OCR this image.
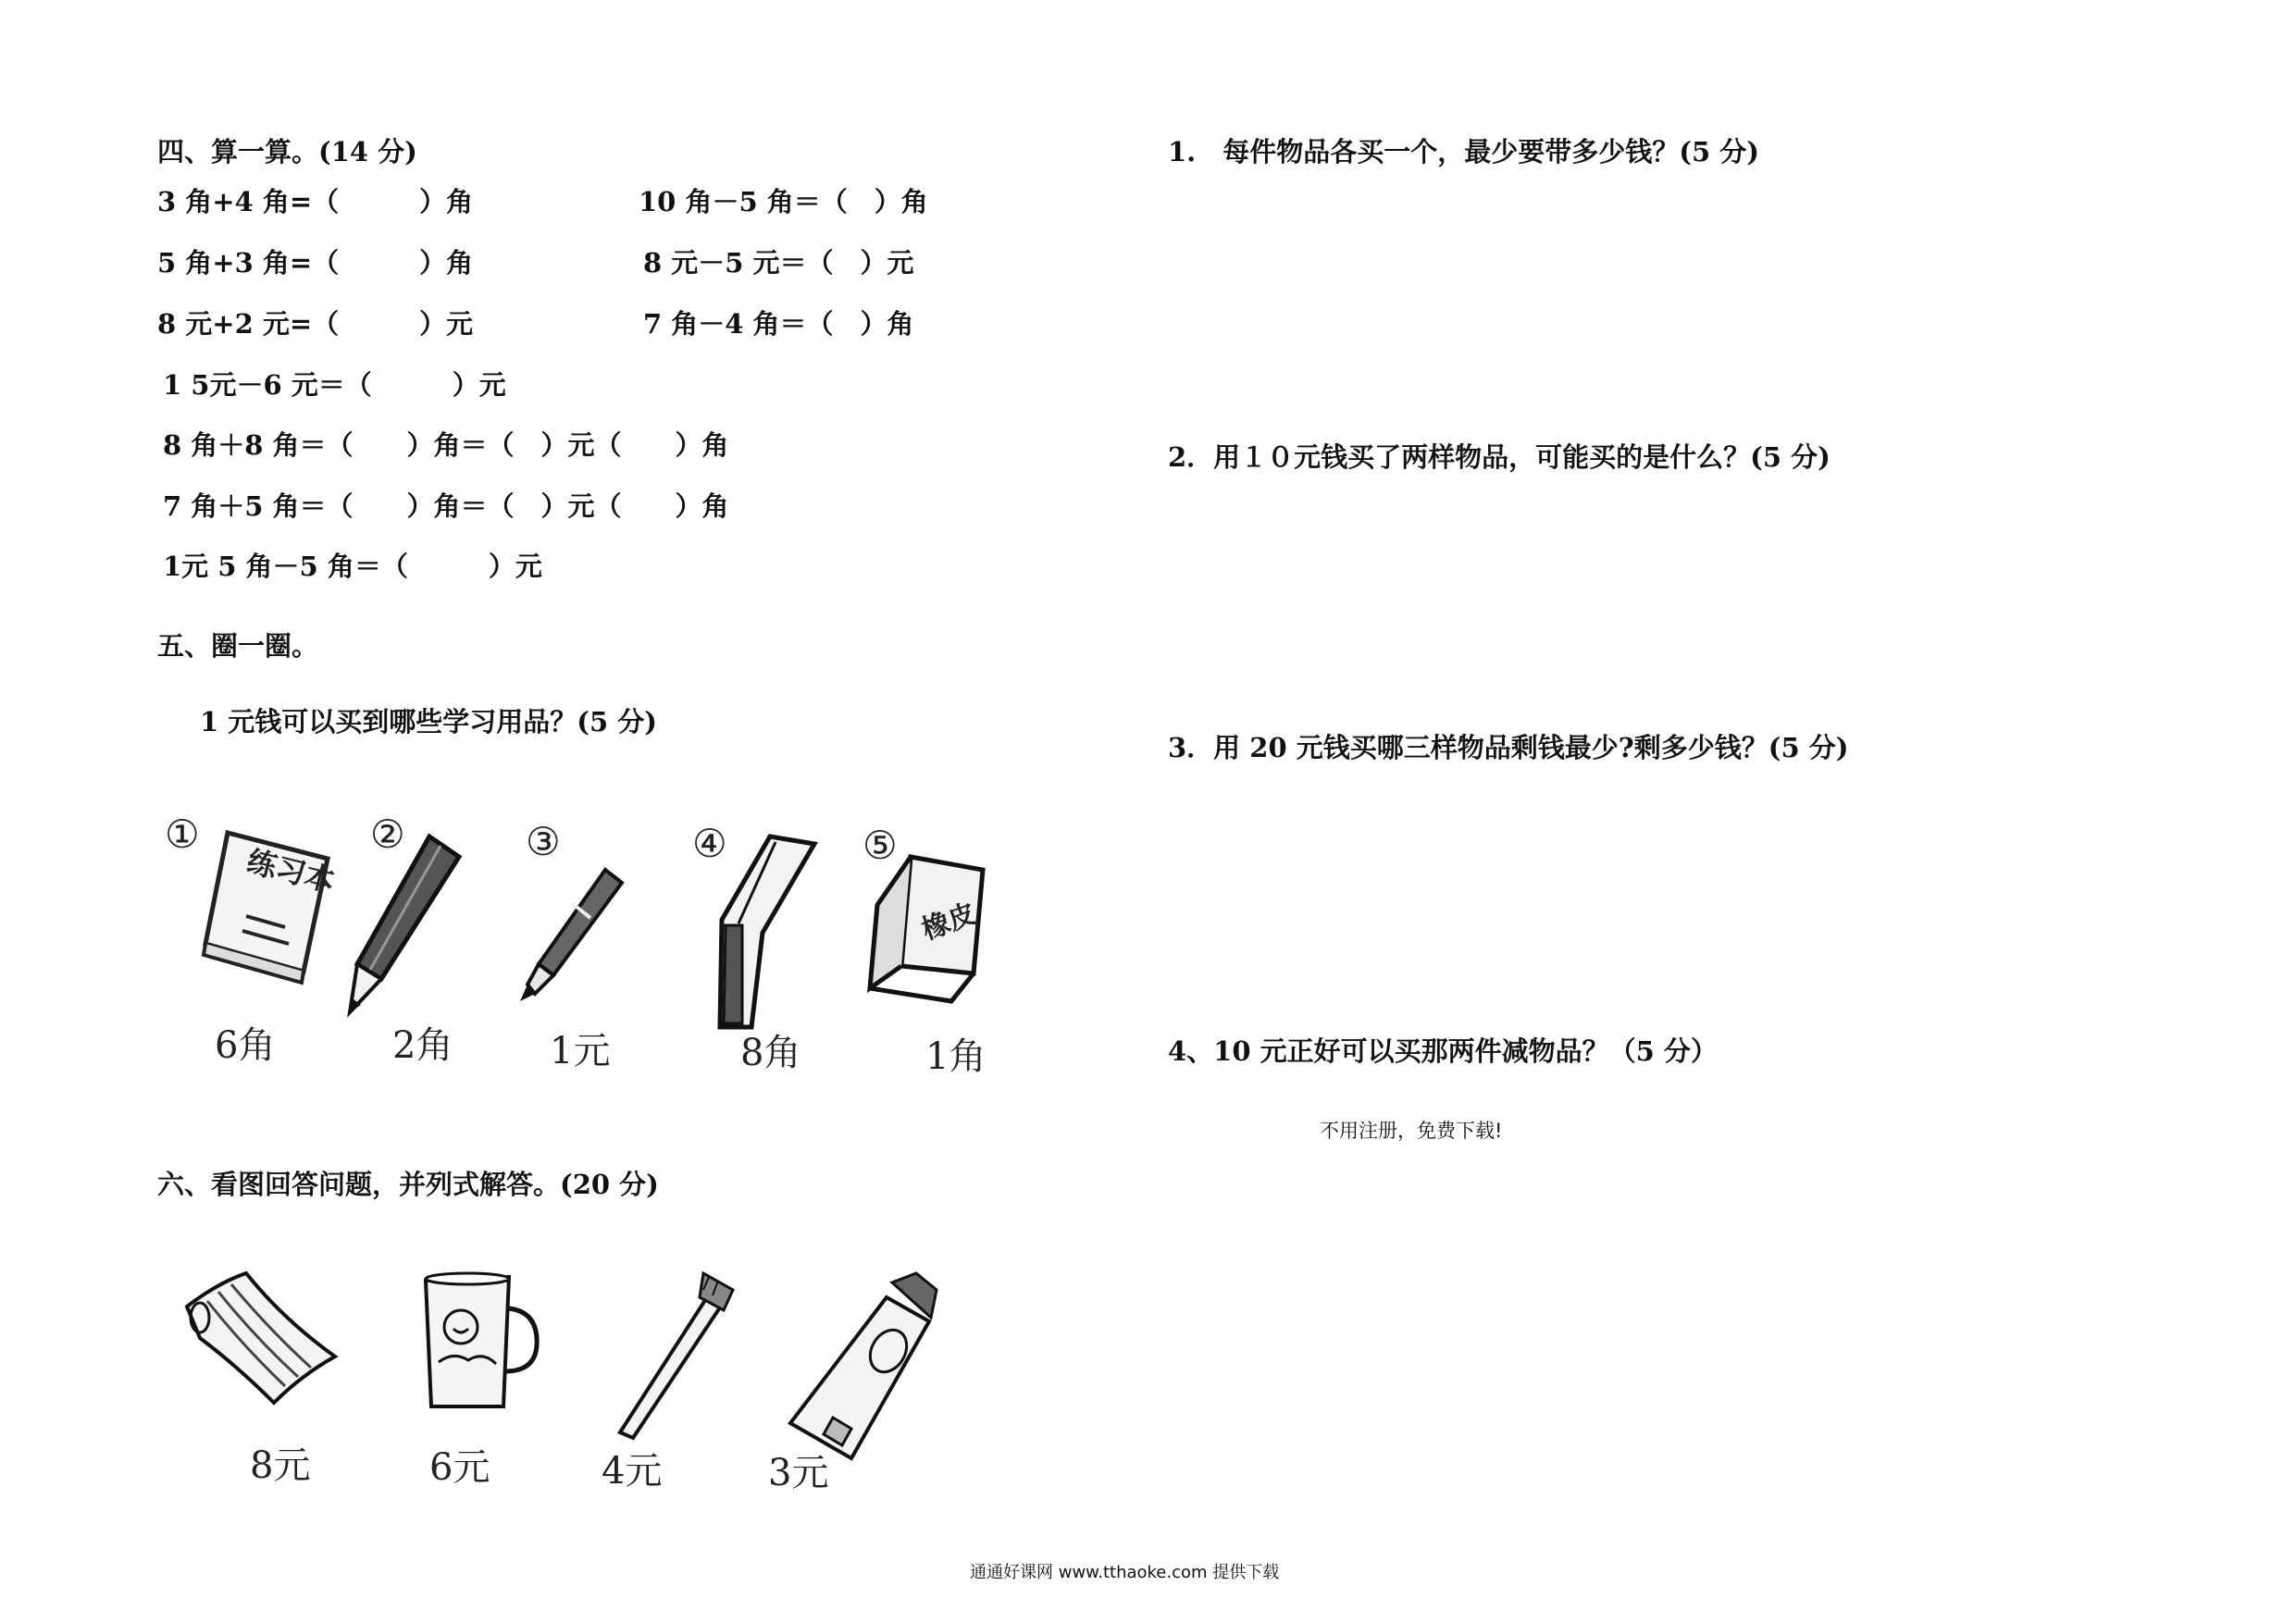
四、算一算。(14 分)
3 角+4 角=（　　　）角	10 角－5 角＝（　）角
5 角+3 角=（　　　）角	8 元－5 元＝（　）元
8 元+2 元=（　　　）元	7 角－4 角＝（　）角
1 5元－6 元＝（　　　）元
8 角＋8 角＝（　　）角＝（　）元（　　）角
7 角＋5 角＝（　　）角＝（　）元（　　）角
1元 5 角－5 角＝（　　　）元
五、圈一圈。
1 元钱可以买到哪些学习用品？(5 分)
①	②	③	④	⑤
练习本
橡皮
6角	2角	1元	8角	1角
六、看图回答问题，并列式解答。(20 分)
8元	6元	4元	3元
1.　每件物品各买一个，最少要带多少钱？(5 分)
2．用１０元钱买了两样物品，可能买的是什么？(5 分)
3．用 20 元钱买哪三样物品剩钱最少?剩多少钱？(5 分)
4、10 元正好可以买那两件减物品？（5 分）
不用注册，免费下载!
通通好课网 www.tthaoke.com 提供下载
